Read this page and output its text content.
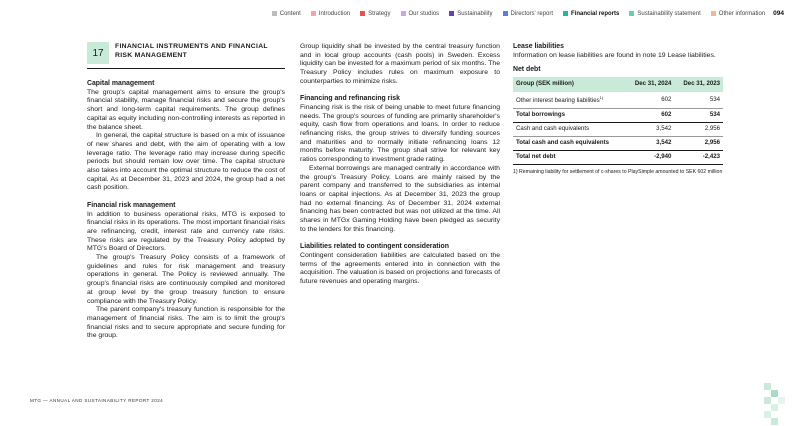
Content	Introduction	Strategy	Our studios	Sustainability	Directors' report	Financial reports	Sustainability statement	Other information 094
17
FINANCIAL INSTRUMENTS AND FINANCIAL RISK MANAGEMENT
Capital management

The group's capital management aims to ensure the group's financial stability, manage financial risks and secure the group's short and long-term capital requirements. The group defines capital as equity including non-controlling interests as reported in the balance sheet.

In general, the capital structure is based on a mix of issuance of new shares and debt, with the aim of operating with a low leverage ratio. The leverage ratio may increase during specific periods but should remain low over time. The capital structure also takes into account the optimal structure to reduce the cost of capital. As at December 31, 2023 and 2024, the group had a net cash position.

Financial risk management

In addition to business operational risks, MTG is exposed to financial risks in its operations. The most important financial risks are refinancing, credit, interest rate and currency rate risks. These risks are regulated by the Treasury Policy adopted by MTG's Board of Directors.

The group's Treasury Policy consists of a framework of guidelines and rules for risk management and treasury operations in general. The Policy is reviewed annually. The group's financial risks are continuously compiled and monitored at group level by the group treasury function to ensure compliance with the Treasury Policy.

The parent company's treasury function is responsible for the management of financial risks. The aim is to limit the group's financial risks and to secure appropriate and secure funding for the group.

Group liquidity shall be invested by the central treasury function and in local group accounts (cash pools) in Sweden. Excess liquidity can be invested for a maximum period of six months. The Treasury Policy includes rules on maximum exposure to counterparties to minimize risks.

Financing and refinancing risk

Financing risk is the risk of being unable to meet future financing needs. The group's sources of funding are primarily shareholder's equity, cash flow from operations and loans. In order to reduce refinancing risks, the group strives to diversify funding sources and maturities and to normally initiate refinancing loans 12 months before maturity. The group shall strive for relevant key ratios corresponding to investment grade rating.

External borrowings are managed centrally in accordance with the group's Treasury Policy. Loans are mainly raised by the parent company and transferred to the subsidiaries as internal loans or capital injections. As at December 31, 2023 the group had no external financing. As of December 31, 2024 external financing has been contracted but was not utilized at the time. All shares in MTGx Gaming Holding have been pledged as security to the lenders for this financing.

Liabilities related to contingent consideration

Contingent consideration liabilities are calculated based on the terms of the agreements entered into in connection with the acquisition. The valuation is based on projections and forecasts of future revenues and operating margins.

Lease liabilities

Information on lease liabilities are found in note 19 Lease liabilities.

Net debt
Group (SEK million)	Dec 31, 2024	Dec 31, 2023
Other interest bearing liabilities$^{1)}$	602	534
Total borrowings	602	534
Cash and cash equivalents	3,542	2,956
Total cash and cash equivalents	3,542	2,956
Total net debt	-2,940	-2,423
1) Remaining liability for settlement of c-shares to PlaySimple amounted to SEK 602 million
MTG — ANNUAL AND SUSTAINABILITY REPORT 2024
